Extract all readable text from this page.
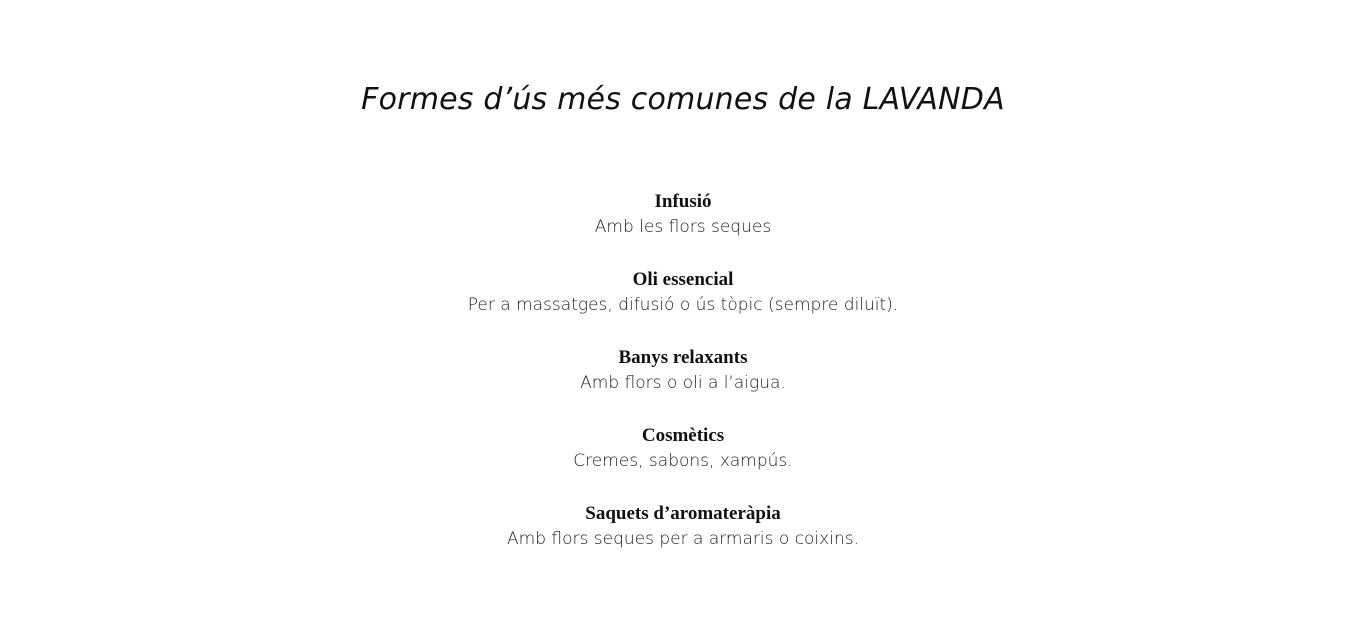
Formes d’ús més comunes de la LAVANDA
Infusió
Amb les flors seques
Oli essencial
Per a massatges, difusió o ús tòpic (sempre diluït).
Banys relaxants
Amb flors o oli a l’aigua.
Cosmètics
Cremes, sabons, xampús.
Saquets d’aromateràpia
Amb flors seques per a armaris o coixins.
